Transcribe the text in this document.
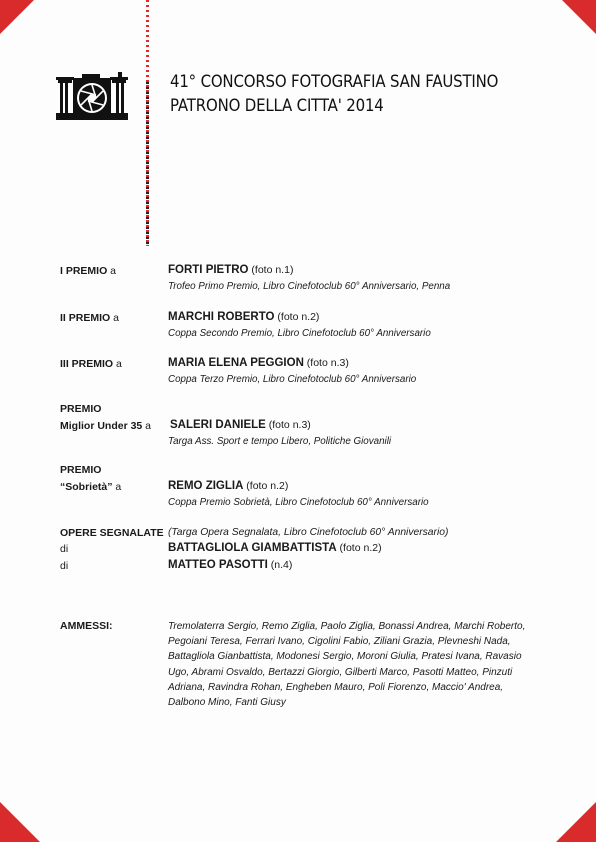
41° CONCORSO FOTOGRAFIA SAN FAUSTINO
PATRONO DELLA CITTA' 2014
I PREMIO a	FORTI PIETRO (foto n.1)
Trofeo Primo Premio, Libro Cinefotoclub 60° Anniversario, Penna
II PREMIO a	MARCHI ROBERTO (foto n.2)
Coppa Secondo Premio, Libro Cinefotoclub 60° Anniversario
III PREMIO a	MARIA ELENA PEGGION (foto n.3)
Coppa Terzo Premio, Libro Cinefotoclub 60° Anniversario
PREMIO
Miglior Under 35 a SALERI DANIELE (foto n.3)
Targa Ass. Sport e tempo Libero, Politiche Giovanili
PREMIO
“Sobrietà” a	REMO ZIGLIA (foto n.2)
Coppa Premio Sobrietà, Libro Cinefotoclub 60° Anniversario
OPERE SEGNALATE (Targa Opera Segnalata, Libro Cinefotoclub 60° Anniversario)
di	BATTAGLIOLA GIAMBATTISTA (foto n.2)
di	MATTEO PASOTTI (n.4)
AMMESSI:	Tremolaterra Sergio, Remo Ziglia, Paolo Ziglia, Bonassi Andrea, Marchi Roberto, Pegoiani Teresa, Ferrari Ivano, Cigolini Fabio, Ziliani Grazia, Plevneshi Nada, Battagliola Gianbattista, Modonesi Sergio, Moroni Giulia, Pratesi Ivana, Ravasio Ugo, Abrami Osvaldo, Bertazzi Giorgio, Gilberti Marco, Pasotti Matteo, Pinzuti Adriana, Ravindra Rohan, Engheben Mauro, Poli Fiorenzo, Maccio' Andrea, Dalbono Mino, Fanti Giusy
